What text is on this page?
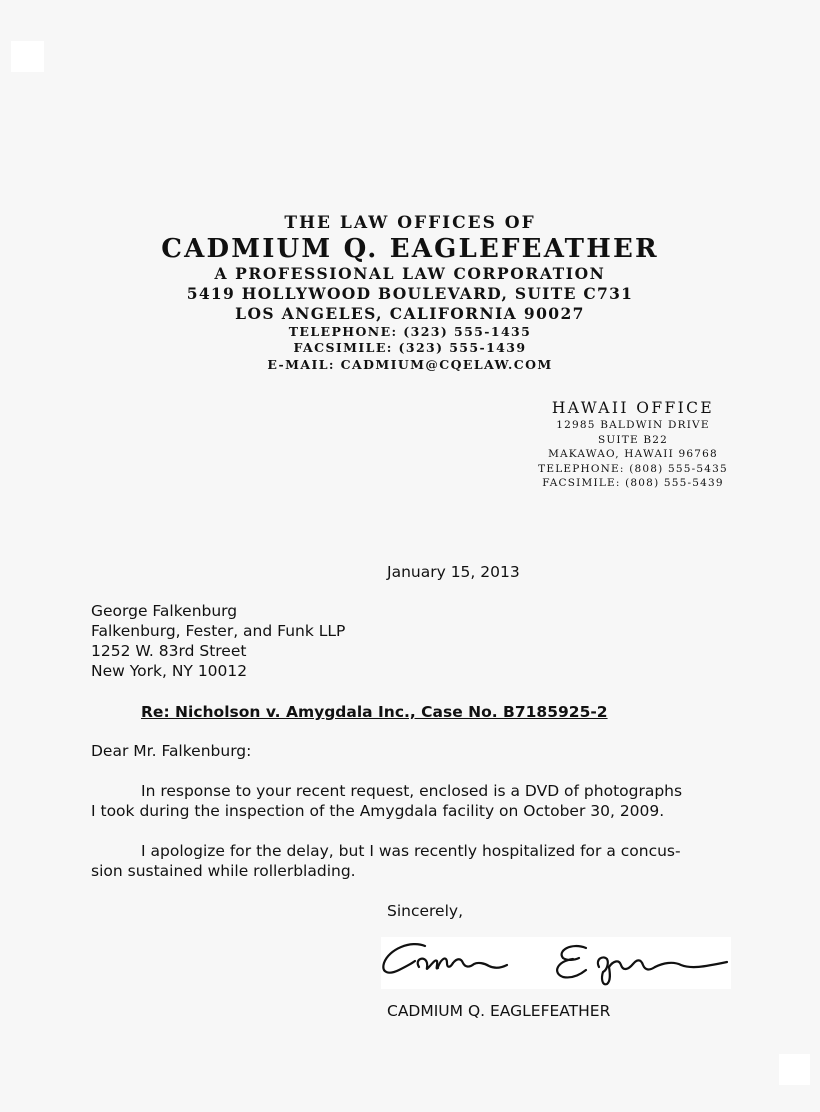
THE LAW OFFICES OF
CADMIUM Q. EAGLEFEATHER
A PROFESSIONAL LAW CORPORATION
5419 HOLLYWOOD BOULEVARD, SUITE C731
LOS ANGELES, CALIFORNIA 90027
TELEPHONE: (323) 555-1435
FACSIMILE: (323) 555-1439
E-MAIL: CADMIUM@CQELAW.COM
HAWAII OFFICE
12985 BALDWIN DRIVE
SUITE B22
MAKAWAO, HAWAII 96768
TELEPHONE: (808) 555-5435
FACSIMILE: (808) 555-5439
January 15, 2013
George Falkenburg
Falkenburg, Fester, and Funk LLP
1252 W. 83rd Street
New York, NY 10012
Re: Nicholson v. Amygdala Inc., Case No. B7185925-2
Dear Mr. Falkenburg:

In response to your recent request, enclosed is a DVD of photographs

I took during the inspection of the Amygdala facility on October 30, 2009.

I apologize for the delay, but I was recently hospitalized for a concus-

sion sustained while rollerblading.

Sincerely,
CADMIUM Q. EAGLEFEATHER
